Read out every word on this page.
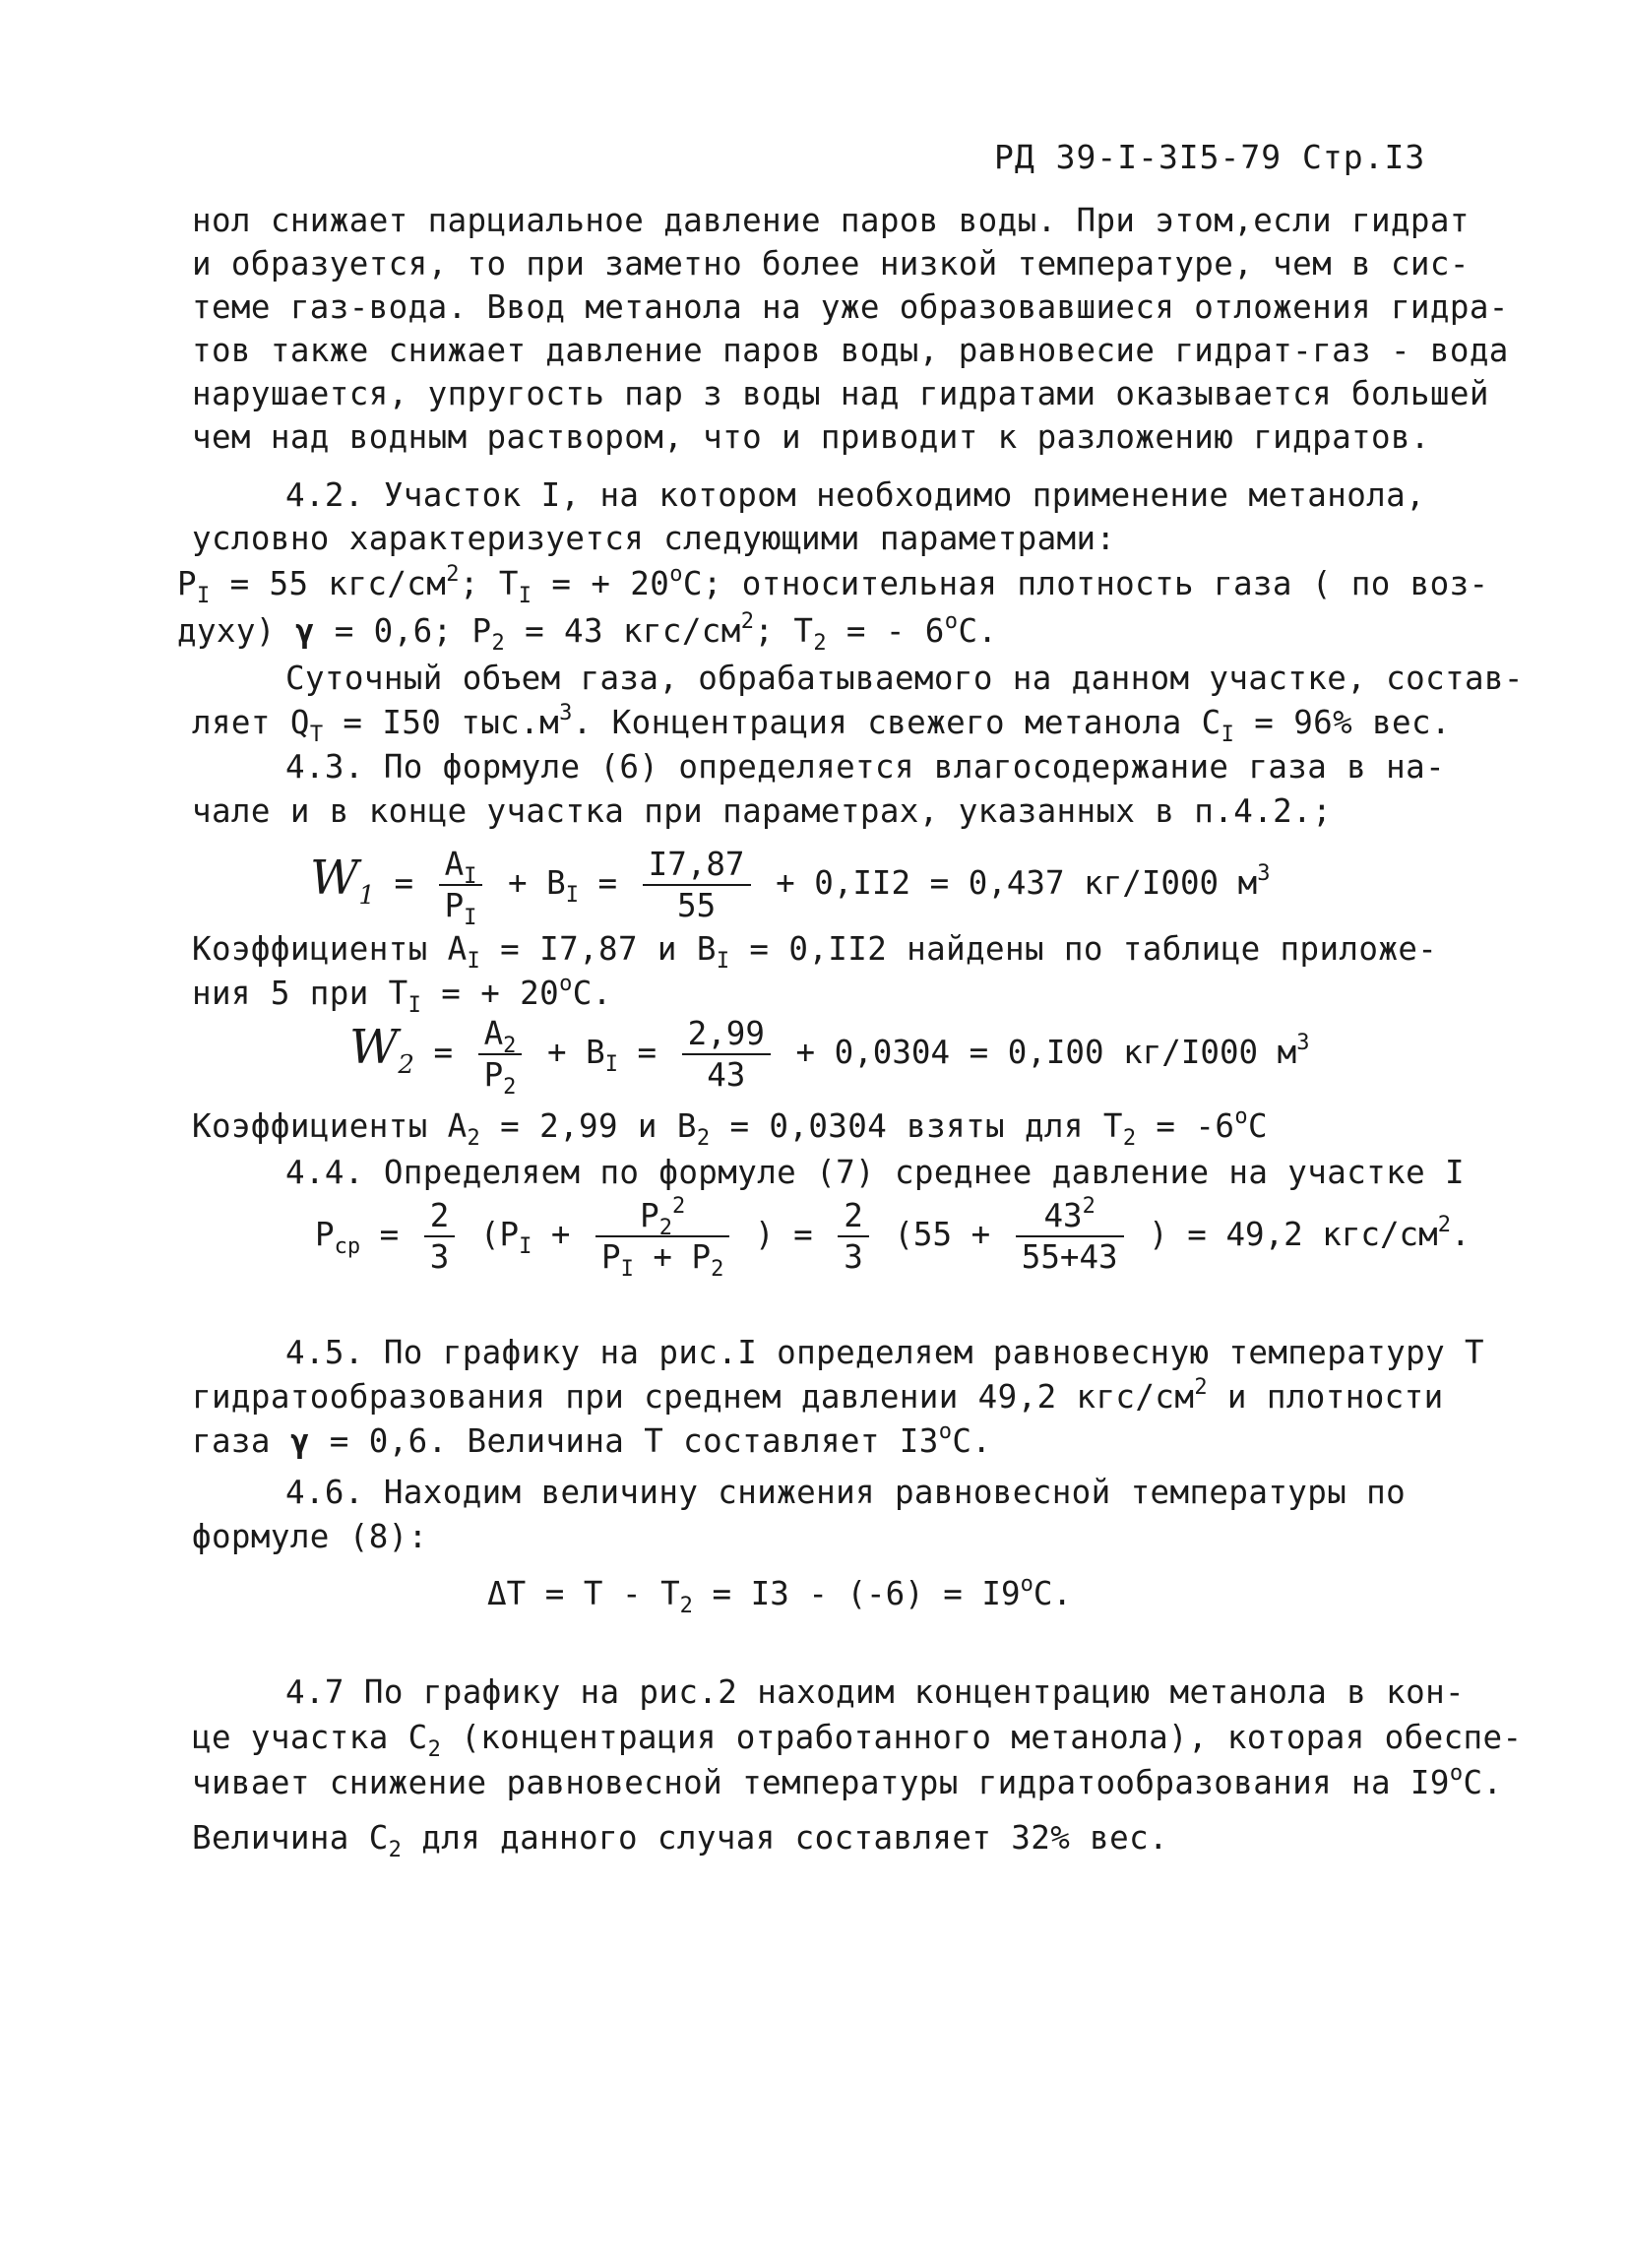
РД 39-I-3I5-79 Стр.I3
нол снижает парциальное давление паров воды. При этом,если гидрат
и образуется, то при заметно более низкой температуре, чем в сис-
теме газ-вода. Ввод метанола на уже образовавшиеся отложения гидра-
тов также снижает давление паров воды, равновесие гидрат-газ - вода
нарушается, упругость пар з воды над гидратами оказывается большей
чем над водным раствором, что и приводит к разложению гидратов.
4.2. Участок I, на котором необходимо применение метанола,
условно характеризуется следующими параметрами:
$P_I = 55$ кгс/$см^2$; $T_I$ = + $20^oC$; относительная плотность газа ( по воз-
духу) γ = 0,6; $P_2 = 43$ кгс/$см^2$; $T_2$ = - 6$^o$C.
Суточный объем газа, обрабатываемого на данном участке, состав-
ляет $Q_T = I50$ $тыс.м^3$. Концентрация свежего метанола $С_I = 96\%$ вес.
4.3. По формуле (6) определяется влагосодержание газа в на-
чале и в конце участка при параметрах, указанных в п.4.2.;
$W_1 = \frac{A_I}{P_I} + B_I = \frac{I7,87}{55} + 0,II2 = 0,437$ кг/I000 $м^3$
Коэффициенты $A_I = I7,87$ и $B_I = 0,II2$ найдены по таблице приложе-
ния 5 при $T_I$ = + $20^oC$.
$W_2 = \frac{A_2}{P_2} + B_I = \frac{2,99}{43} + 0,0304 = 0,I00$ кг/I000 $м^3$
Коэффициенты $A_2 = 2,99$ и $B_2 = 0,0304$ взяты для $T_2 = -6^oC$
4.4. Определяем по формуле (7) среднее давление на участке I
$P_{ср} = \frac{2}{3} (P_I + \frac{P_2^2}{P_I + P_2}$ ) = $\frac{2}{3} (55 + \frac{43^2}{55+43}$ ) = 49,2 кгс/$см^2$.
4.5. По графику на рис.I определяем равновесную температуру T
гидратообразования при среднем давлении 49,2 кгс/$см^2$ и плотности
газа γ = 0,6. Величина T составляет I3$^o$C.
4.6. Находим величину снижения равновесной температуры по
формуле (8):
$\Delta T = T - T_2 = I3 - (-6) = I9^oC$.
4.7 По графику на рис.2 находим концентрацию метанола в кон-
це участка $C_2$ (концентрация отработанного метанола), которая обеспе-
чивает снижение равновесной температуры гидратообразования на I9$^o$C.
Величина $C_2$ для данного случая составляет 32% вес.
